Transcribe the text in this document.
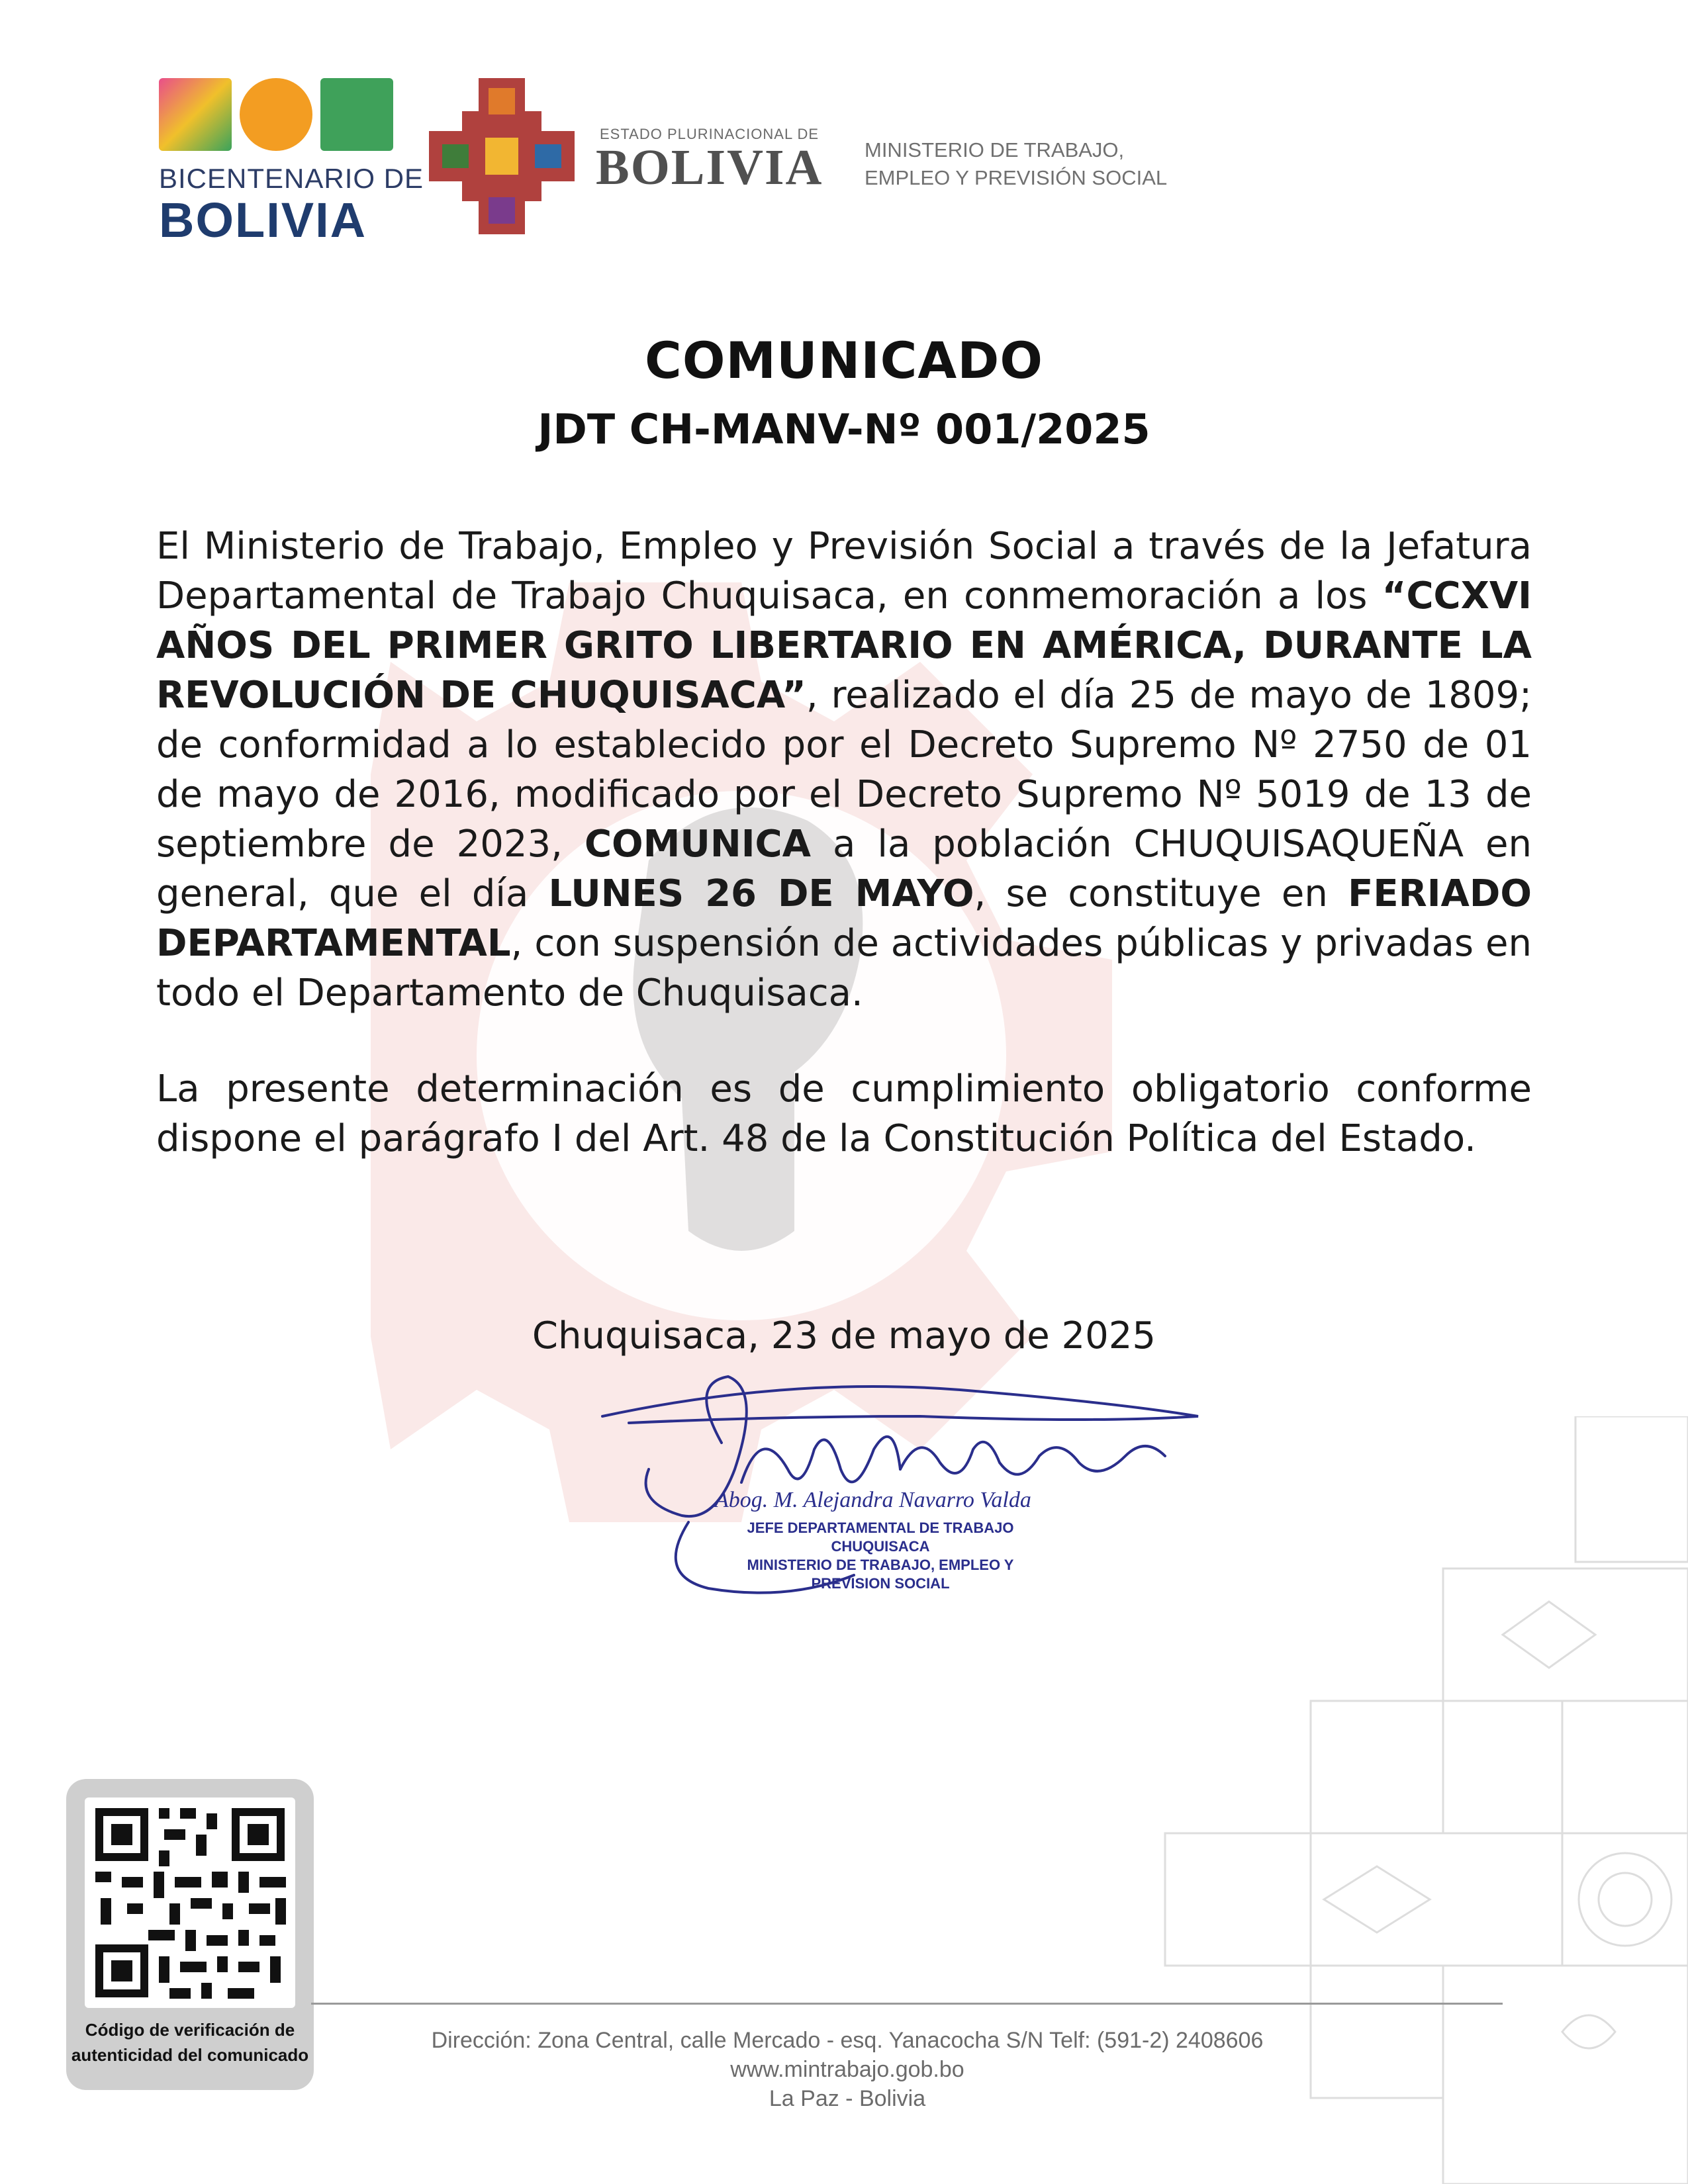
BICENTENARIO DE
BOLIVIA
ESTADO PLURINACIONAL DE
BOLIVIA MINISTERIO DE TRABAJO,
EMPLEO Y PREVISIÓN SOCIAL
COMUNICADO
JDT CH-MANV-Nº 001/2025
El Ministerio de Trabajo, Empleo y Previsión Social a través de la Jefatura Departamental de Trabajo Chuquisaca, en conmemoración a los “CCXVI AÑOS DEL PRIMER GRITO LIBERTARIO EN AMÉRICA, DURANTE LA REVOLUCIÓN DE CHUQUISACA”, realizado el día 25 de mayo de 1809; de conformidad a lo establecido por el Decreto Supremo Nº 2750 de 01 de mayo de 2016, modificado por el Decreto Supremo Nº 5019 de 13 de septiembre de 2023, COMUNICA a la población CHUQUISAQUEÑA en general, que el día LUNES 26 DE MAYO, se constituye en FERIADO DEPARTAMENTAL, con suspensión de actividades públicas y privadas en todo el Departamento de Chuquisaca.
La presente determinación es de cumplimiento obligatorio conforme dispone el parágrafo I del Art. 48 de la Constitución Política del Estado.
Chuquisaca, 23 de mayo de 2025
Abog. M. Alejandra Navarro Valda
JEFE DEPARTAMENTAL DE TRABAJO
CHUQUISACA
MINISTERIO DE TRABAJO, EMPLEO Y
PREVISION SOCIAL
Código de verificación de
autenticidad del comunicado
Dirección: Zona Central, calle Mercado - esq. Yanacocha S/N Telf: (591-2) 2408606
www.mintrabajo.gob.bo
La Paz - Bolivia
